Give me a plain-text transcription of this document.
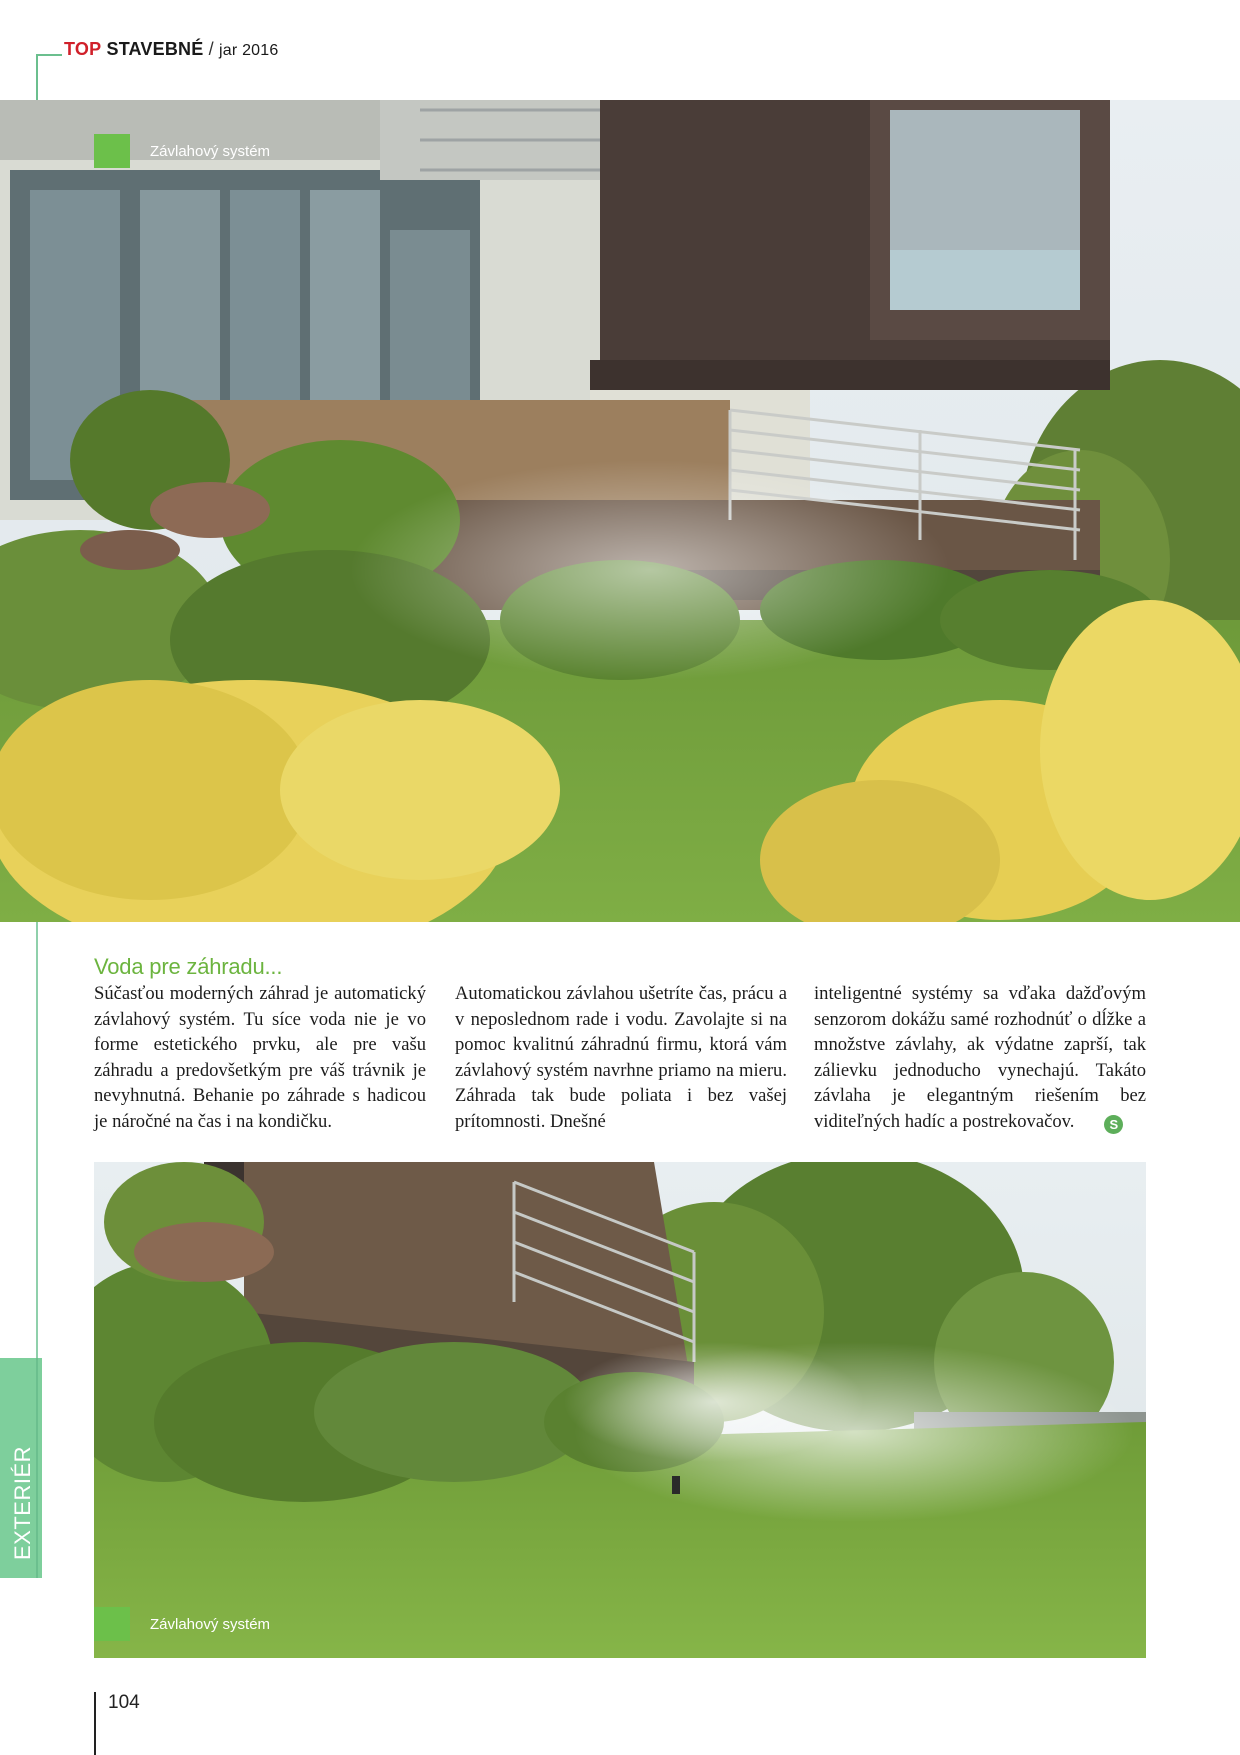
TOP STAVEBNÉ / jar 2016
Závlahový systém
Voda pre záhradu...

Súčasťou moderných záhrad je automatický závlahový systém. Tu síce voda nie je vo forme estetického prvku, ale pre vašu záhradu a predovšetkým pre váš trávnik je nevyhnutná. Behanie po záhrade s hadicou je náročné na čas i na kondičku.

Automatickou závlahou ušetríte čas, prácu a v neposlednom rade i vodu. Zavolajte si na pomoc kvalitnú záhradnú firmu, ktorá vám závlahový systém navrhne priamo na mieru. Záhrada tak bude poliata i bez vašej prítomnosti. Dnešné

inteligentné systémy sa vďaka dažďovým senzorom dokážu samé rozhodnúť o dĺžke a množstve závlahy, ak výdatne zaprší, tak zálievku jednoducho vynechajú. Takáto závlaha je elegantným riešením bez viditeľných hadíc a postrekovačov.	S

Závlahový systém
EXTERIÉR
104
